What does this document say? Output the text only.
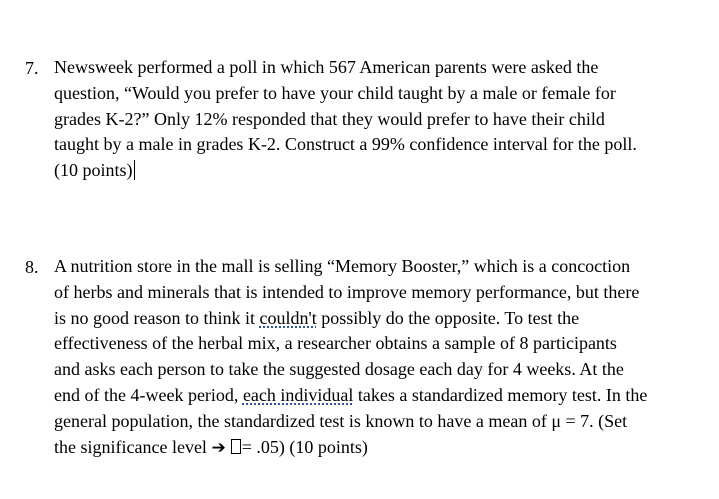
7. Newsweek performed a poll in which 567 American parents were asked the
question, “Would you prefer to have your child taught by a male or female for
grades K-2?” Only 12% responded that they would prefer to have their child
taught by a male in grades K-2. Construct a 99% confidence interval for the poll.
(10 points)
8. A nutrition store in the mall is selling “Memory Booster,” which is a concoction
of herbs and minerals that is intended to improve memory performance, but there
is no good reason to think it couldn't possibly do the opposite. To test the
effectiveness of the herbal mix, a researcher obtains a sample of 8 participants
and asks each person to take the suggested dosage each day for 4 weeks. At the
end of the 4-week period, each individual takes a standardized memory test. In the
general population, the standardized test is known to have a mean of μ = 7. (Set
the significance level ➔ = .05) (10 points)
